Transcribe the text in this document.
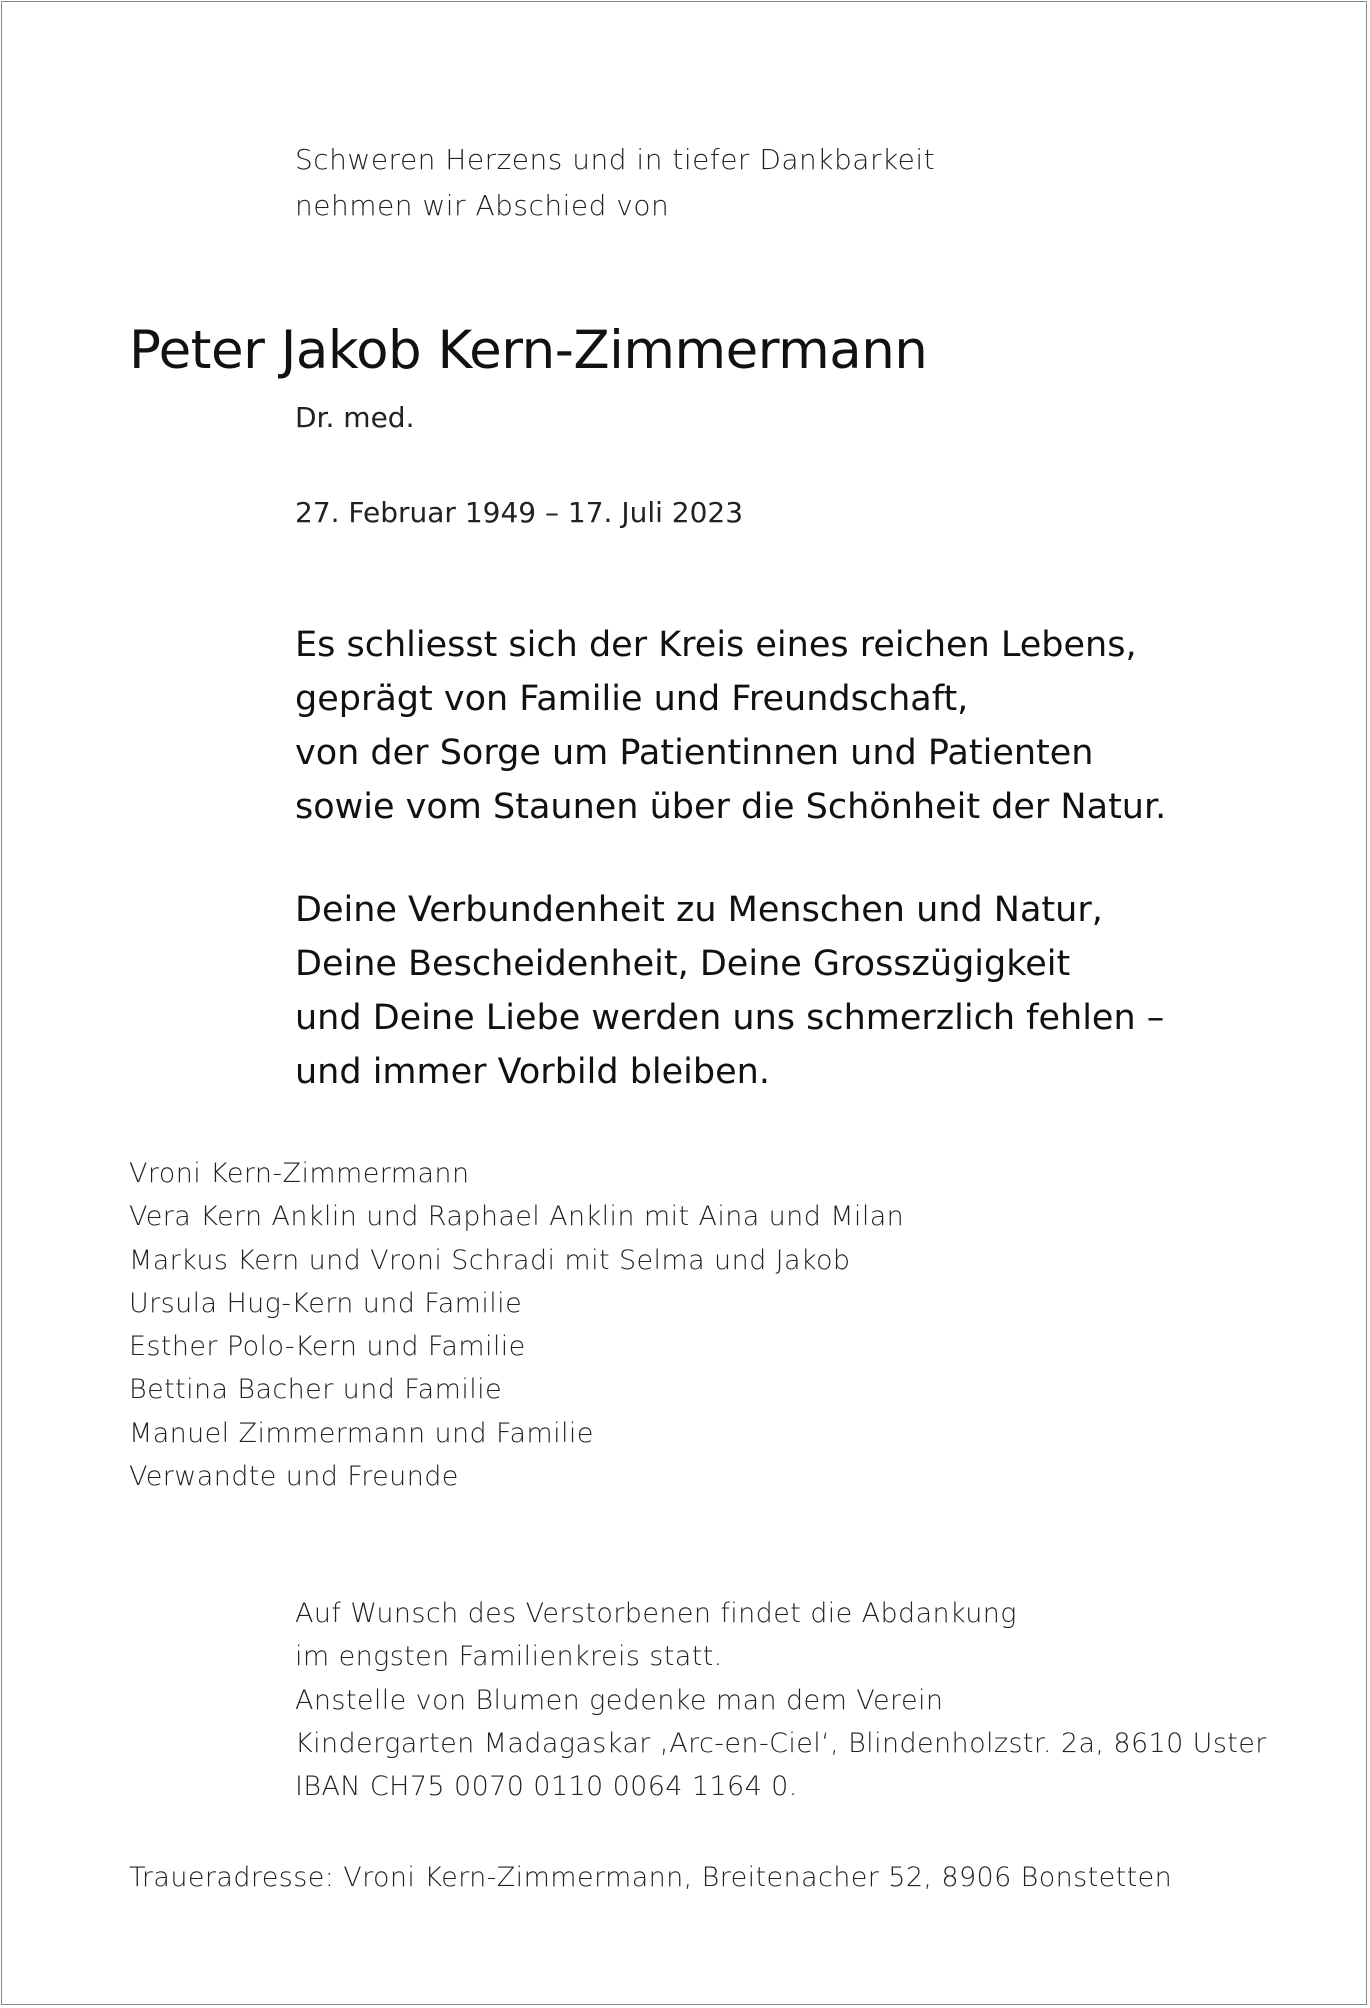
Schweren Herzens und in tiefer Dankbarkeit
nehmen wir Abschied von
Peter Jakob Kern-Zimmermann
Dr. med.
27. Februar 1949 – 17. Juli 2023
Es schliesst sich der Kreis eines reichen Lebens,
geprägt von Familie und Freundschaft,
von der Sorge um Patientinnen und Patienten
sowie vom Staunen über die Schönheit der Natur.
Deine Verbundenheit zu Menschen und Natur,
Deine Bescheidenheit, Deine Grosszügigkeit
und Deine Liebe werden uns schmerzlich fehlen –
und immer Vorbild bleiben.
Vroni Kern-Zimmermann
Vera Kern Anklin und Raphael Anklin mit Aina und Milan
Markus Kern und Vroni Schradi mit Selma und Jakob
Ursula Hug-Kern und Familie
Esther Polo-Kern und Familie
Bettina Bacher und Familie
Manuel Zimmermann und Familie
Verwandte und Freunde
Auf Wunsch des Verstorbenen findet die Abdankung
im engsten Familienkreis statt.
Anstelle von Blumen gedenke man dem Verein
Kindergarten Madagaskar ‚Arc-en-Ciel‘, Blindenholzstr. 2a, 8610 Uster
IBAN CH75 0070 0110 0064 1164 0.
Traueradresse: Vroni Kern-Zimmermann, Breitenacher 52, 8906 Bonstetten
